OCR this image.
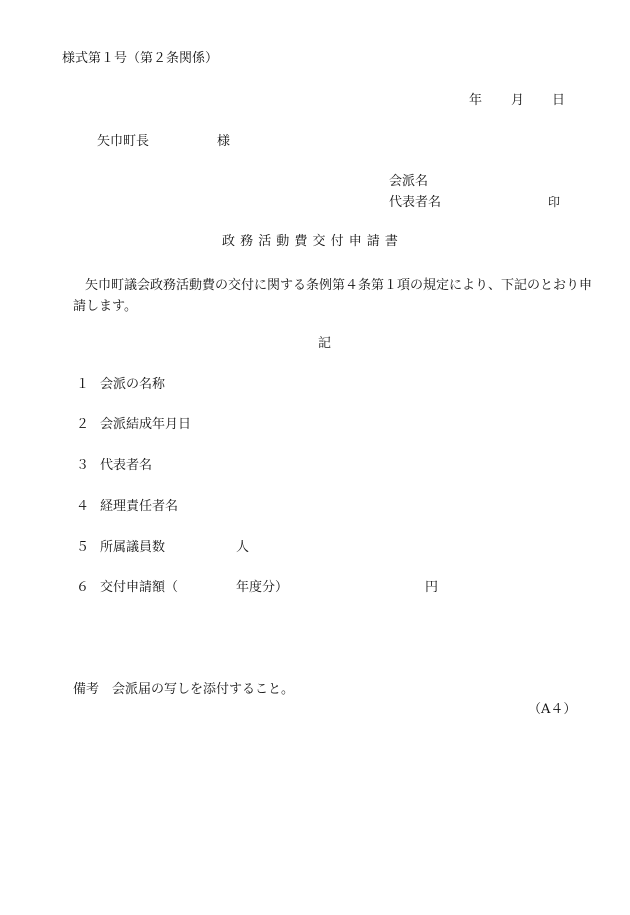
様式第１号（第２条関係）
年 月 日
矢巾町長	様
会派名
代表者名	印
政務活動費交付申請書
矢巾町議会政務活動費の交付に関する条例第４条第１項の規定により、下記のとおり申請します。
記
１ 会派の名称
２ 会派結成年月日
３ 代表者名
４ 経理責任者名
５ 所属議員数	人
６ 交付申請額（	年度分）	円
備考　会派届の写しを添付すること。
（A４）
